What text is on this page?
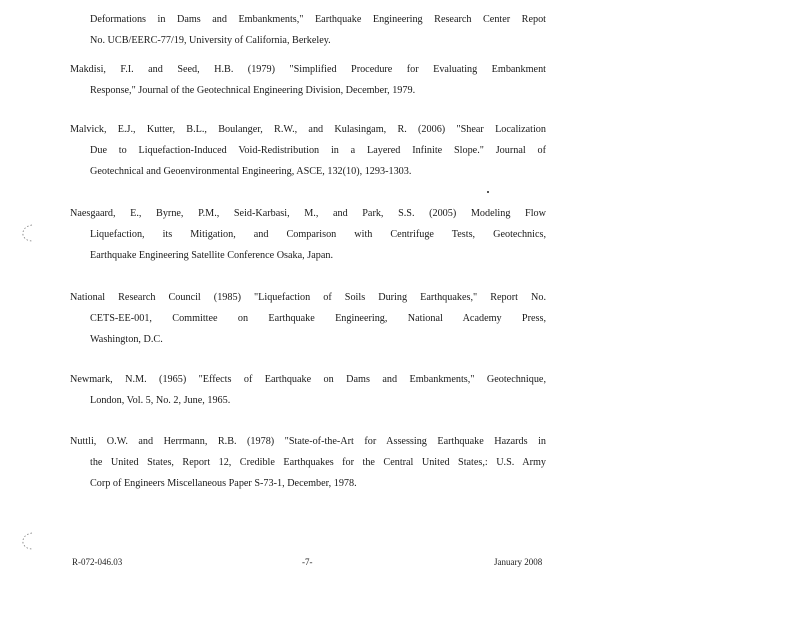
Deformations in Dams and Embankments," Earthquake Engineering Research Center Repot
No. UCB/EERC-77/19, University of California, Berkeley.
Makdisi, F.I. and Seed, H.B. (1979) "Simplified Procedure for Evaluating Embankment
Response," Journal of the Geotechnical Engineering Division, December, 1979.
Malvick, E.J., Kutter, B.L., Boulanger, R.W., and Kulasingam, R. (2006) "Shear Localization
Due to Liquefaction-Induced Void-Redistribution in a Layered Infinite Slope." Journal of
Geotechnical and Geoenvironmental Engineering, ASCE, 132(10), 1293-1303.
Naesgaard, E., Byrne, P.M., Seid-Karbasi, M., and Park, S.S. (2005) Modeling Flow
Liquefaction, its Mitigation, and Comparison with Centrifuge Tests, Geotechnics,
Earthquake Engineering Satellite Conference Osaka, Japan.
National Research Council (1985) "Liquefaction of Soils During Earthquakes," Report No.
CETS-EE-001, Committee on Earthquake Engineering, National Academy Press,
Washington, D.C.
Newmark, N.M. (1965) "Effects of Earthquake on Dams and Embankments," Geotechnique,
London, Vol. 5, No. 2, June, 1965.
Nuttli, O.W. and Herrmann, R.B. (1978) "State-of-the-Art for Assessing Earthquake Hazards in
the United States, Report 12, Credible Earthquakes for the Central United States,: U.S. Army
Corp of Engineers Miscellaneous Paper S-73-1, December, 1978.
R-072-046.03	-7-	January 2008
